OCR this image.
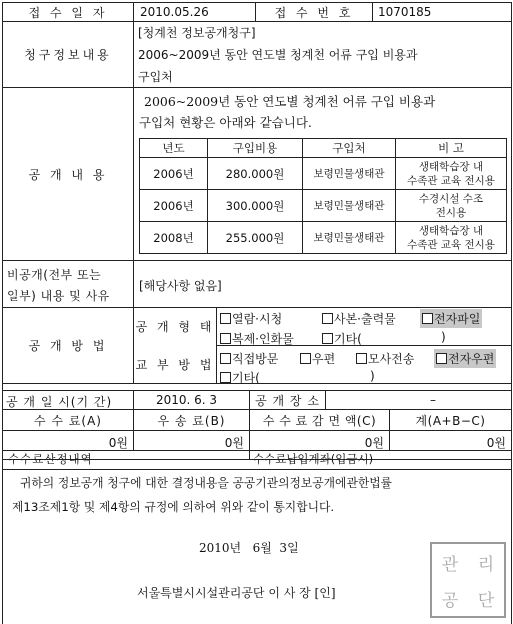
접 수 일 자	2010.05.26	접 수 번 호	1070185
청구정보내용
[청계천 정보공개청구]
2006~2009년 동안 연도별 청계천 어류 구입 비용과
구입처
공 개 내 용
2006~2009년 동안 연도별 청계천 어류 구입 비용과
구입처 현황은 아래와 같습니다.
년도	구입비용	구입처	비 고
2006년	280.000원	보령민물생태관	생태학습장 내
수족관 교육 전시용

2006년	300.000원	보령민물생태관	수경시설 수조
전시용

2008년	255.000원	보령민물생태관	생태학습장 내
수족관 교육 전시용
비공개(전부 또는
일부) 내용 및 사유
[해당사항 없음]
공 개 방 법
공 개 형 태
교 부 방 법
열람·시청	사본·출력물	전자파일
복제·인화물	기타(	)
직접방문	우편	모사전송	전자우편
기타(	)
공 개 일 시(기 간)	2010. 6. 3	공 개 장 소	–
수 수 료(A)	우 송 료(B)	수 수 료 감 면 액(C)	계(A+B−C)
0원	0원	0원	0원
수수료산정내역	수수료납입계좌(입금시)
귀하의 정보공개 청구에 대한 결정내용을 공공기관의정보공개에관한법률
제13조제1항 및 제4항의 규정에 의하여 위와 같이 통지합니다.
2010년   6월  3일
서울특별시시설관리공단 이 사 장 [인]
관 리
공 단
